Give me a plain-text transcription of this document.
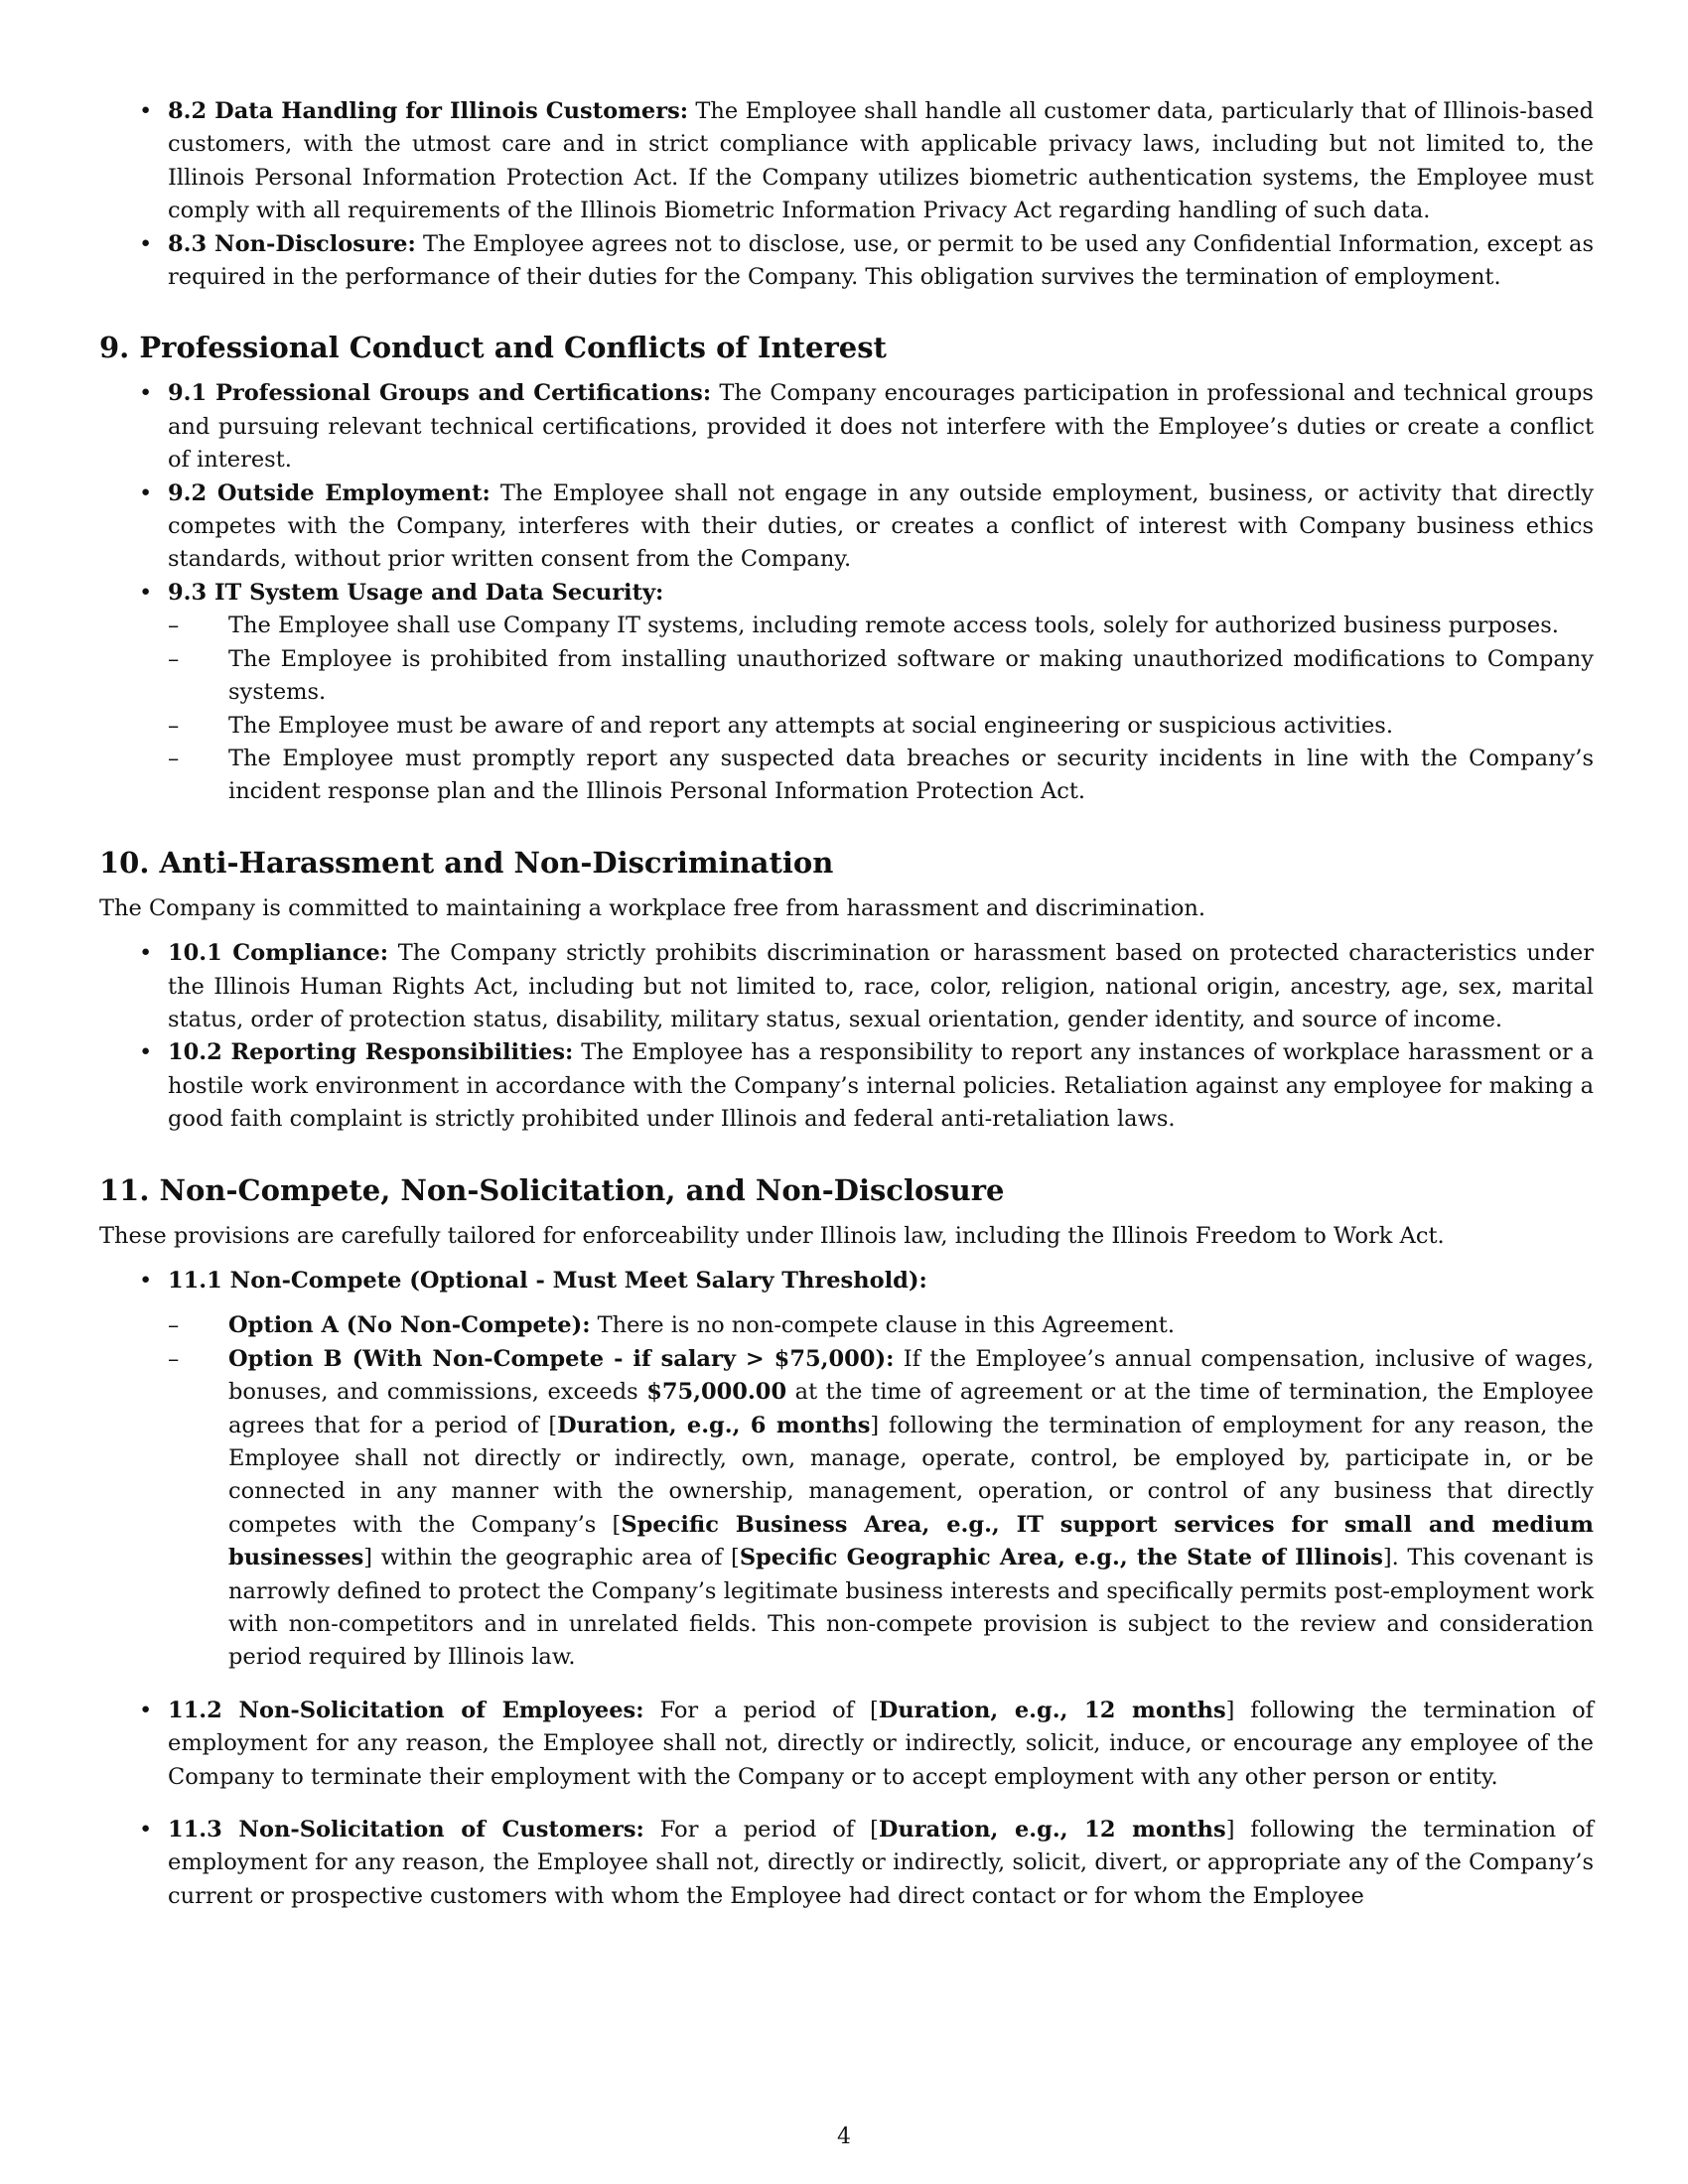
• 8.2 Data Handling for Illinois Customers: The Employee shall handle all customer data, particularly that of Illinois-based customers, with the utmost care and in strict compliance with applicable privacy laws, including but not limited to, the Illinois Personal Information Protection Act. If the Company utilizes biometric authentication systems, the Employee must comply with all requirements of the Illinois Biometric Information Privacy Act regarding handling of such data.
• 8.3 Non-Disclosure: The Employee agrees not to disclose, use, or permit to be used any Confidential Information, except as required in the performance of their duties for the Company. This obligation survives the termination of employment.
9. Professional Conduct and Conflicts of Interest
• 9.1 Professional Groups and Certifications: The Company encourages participation in professional and technical groups and pursuing relevant technical certifications, provided it does not interfere with the Employee’s duties or create a conflict of interest.
• 9.2 Outside Employment: The Employee shall not engage in any outside employment, business, or activity that directly competes with the Company, interferes with their duties, or creates a conflict of interest with Company business ethics standards, without prior written consent from the Company.
• 9.3 IT System Usage and Data Security:
– The Employee shall use Company IT systems, including remote access tools, solely for authorized business purposes.
– The Employee is prohibited from installing unauthorized software or making unauthorized modifications to Company systems.
– The Employee must be aware of and report any attempts at social engineering or suspicious activities.
– The Employee must promptly report any suspected data breaches or security incidents in line with the Company’s incident response plan and the Illinois Personal Information Protection Act.
10. Anti-Harassment and Non-Discrimination

The Company is committed to maintaining a workplace free from harassment and discrimination.

• 10.1 Compliance: The Company strictly prohibits discrimination or harassment based on protected characteristics under the Illinois Human Rights Act, including but not limited to, race, color, religion, national origin, ancestry, age, sex, marital status, order of protection status, disability, military status, sexual orientation, gender identity, and source of income.
• 10.2 Reporting Responsibilities: The Employee has a responsibility to report any instances of workplace harassment or a hostile work environment in accordance with the Company’s internal policies. Retaliation against any employee for making a good faith complaint is strictly prohibited under Illinois and federal anti-retaliation laws.
11. Non-Compete, Non-Solicitation, and Non-Disclosure

These provisions are carefully tailored for enforceability under Illinois law, including the Illinois Freedom to Work Act.

• 11.1 Non-Compete (Optional - Must Meet Salary Threshold):
– Option A (No Non-Compete): There is no non-compete clause in this Agreement.
– Option B (With Non-Compete - if salary > $75,000): If the Employee’s annual compensation, inclusive of wages, bonuses, and commissions, exceeds $75,000.00 at the time of agreement or at the time of termination, the Employee agrees that for a period of [Duration, e.g., 6 months] following the termination of employment for any reason, the Employee shall not directly or indirectly, own, manage, operate, control, be employed by, participate in, or be connected in any manner with the ownership, management, operation, or control of any business that directly competes with the Company’s [Specific Business Area, e.g., IT support services for small and medium businesses] within the geographic area of [Specific Geographic Area, e.g., the State of Illinois]. This covenant is narrowly defined to protect the Company’s legitimate business interests and specifically permits post-employment work with non-competitors and in unrelated fields. This non-compete provision is subject to the review and consideration period required by Illinois law.
• 11.2 Non-Solicitation of Employees: For a period of [Duration, e.g., 12 months] following the termination of employment for any reason, the Employee shall not, directly or indirectly, solicit, induce, or encourage any employee of the Company to terminate their employment with the Company or to accept employment with any other person or entity.
• 11.3 Non-Solicitation of Customers: For a period of [Duration, e.g., 12 months] following the termination of employment for any reason, the Employee shall not, directly or indirectly, solicit, divert, or appropriate any of the Company’s current or prospective customers with whom the Employee had direct contact or for whom the Employee
4
